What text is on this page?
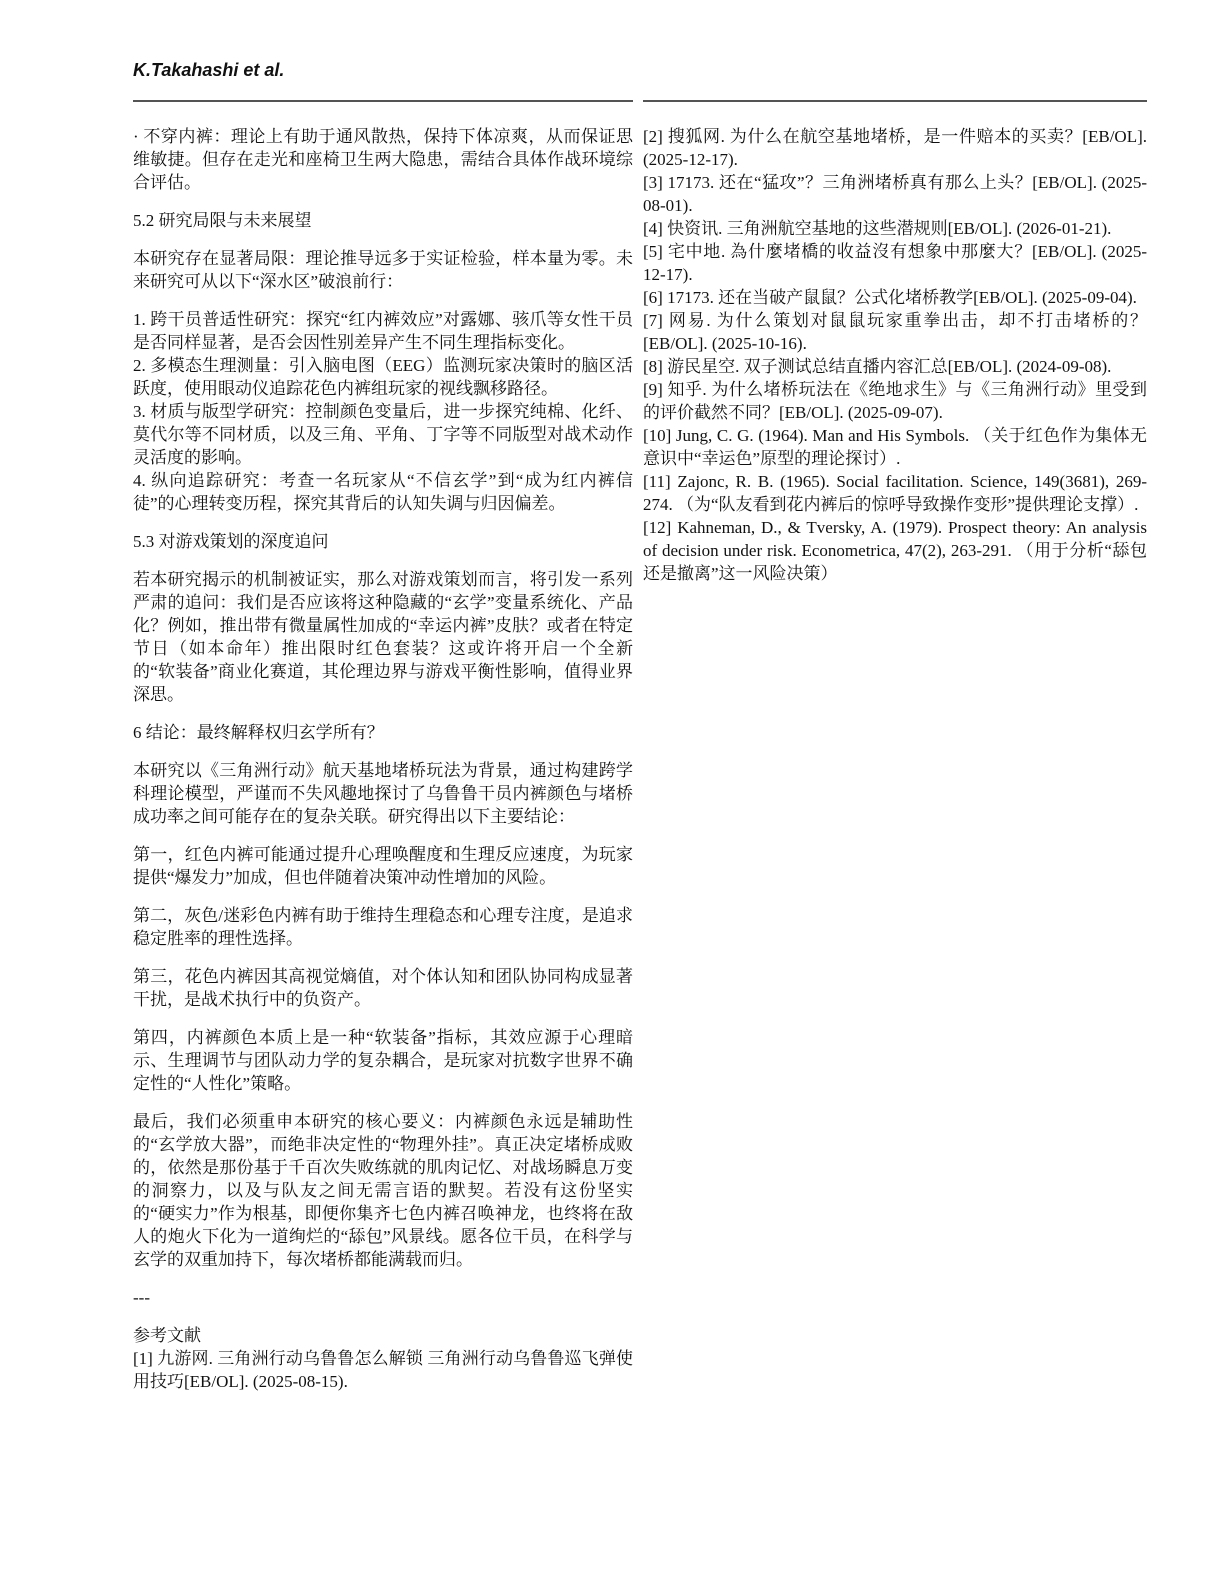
K.Takahashi et al.

· 不穿内裤：理论上有助于通风散热，保持下体凉爽，从而保证思维敏捷。但存在走光和座椅卫生两大隐患，需结合具体作战环境综合评估。

5.2 研究局限与未来展望

本研究存在显著局限：理论推导远多于实证检验，样本量为零。未来研究可从以下“深水区”破浪前行：

1. 跨干员普适性研究：探究“红内裤效应”对露娜、骇爪等女性干员是否同样显著，是否会因性别差异产生不同生理指标变化。
2. 多模态生理测量：引入脑电图（EEG）监测玩家决策时的脑区活跃度，使用眼动仪追踪花色内裤组玩家的视线飘移路径。
3. 材质与版型学研究：控制颜色变量后，进一步探究纯棉、化纤、莫代尔等不同材质，以及三角、平角、丁字等不同版型对战术动作灵活度的影响。
4. 纵向追踪研究：考查一名玩家从“不信玄学”到“成为红内裤信徒”的心理转变历程，探究其背后的认知失调与归因偏差。

5.3 对游戏策划的深度追问

若本研究揭示的机制被证实，那么对游戏策划而言，将引发一系列严肃的追问：我们是否应该将这种隐藏的“玄学”变量系统化、产品化？例如，推出带有微量属性加成的“幸运内裤”皮肤？或者在特定节日（如本命年）推出限时红色套装？这或许将开启一个全新的“软装备”商业化赛道，其伦理边界与游戏平衡性影响，值得业界深思。

6 结论：最终解释权归玄学所有？

本研究以《三角洲行动》航天基地堵桥玩法为背景，通过构建跨学科理论模型，严谨而不失风趣地探讨了乌鲁鲁干员内裤颜色与堵桥成功率之间可能存在的复杂关联。研究得出以下主要结论：

第一，红色内裤可能通过提升心理唤醒度和生理反应速度，为玩家提供“爆发力”加成，但也伴随着决策冲动性增加的风险。

第二，灰色/迷彩色内裤有助于维持生理稳态和心理专注度，是追求稳定胜率的理性选择。

第三，花色内裤因其高视觉熵值，对个体认知和团队协同构成显著干扰，是战术执行中的负资产。

第四，内裤颜色本质上是一种“软装备”指标，其效应源于心理暗示、生理调节与团队动力学的复杂耦合，是玩家对抗数字世界不确定性的“人性化”策略。

最后，我们必须重申本研究的核心要义：内裤颜色永远是辅助性的“玄学放大器”，而绝非决定性的“物理外挂”。真正决定堵桥成败的，依然是那份基于千百次失败练就的肌肉记忆、对战场瞬息万变的洞察力，以及与队友之间无需言语的默契。若没有这份坚实的“硬实力”作为根基，即便你集齐七色内裤召唤神龙，也终将在敌人的炮火下化为一道绚烂的“舔包”风景线。愿各位干员，在科学与玄学的双重加持下，每次堵桥都能满载而归。

---

参考文献

[1] 九游网. 三角洲行动乌鲁鲁怎么解锁 三角洲行动乌鲁鲁巡飞弹使用技巧[EB/OL]. (2025-08-15).

[2] 搜狐网. 为什么在航空基地堵桥，是一件赔本的买卖？[EB/OL]. (2025-12-17).
[3] 17173. 还在“猛攻”？三角洲堵桥真有那么上头？[EB/OL]. (2025-08-01).
[4] 快资讯. 三角洲航空基地的这些潜规则[EB/OL]. (2026-01-21).
[5] 宅中地. 為什麼堵橋的收益沒有想象中那麼大？[EB/OL]. (2025-12-17).
[6] 17173. 还在当破产鼠鼠？公式化堵桥教学[EB/OL]. (2025-09-04).
[7] 网易. 为什么策划对鼠鼠玩家重拳出击，却不打击堵桥的？[EB/OL]. (2025-10-16).
[8] 游民星空. 双子测试总结直播内容汇总[EB/OL]. (2024-09-08).
[9] 知乎. 为什么堵桥玩法在《绝地求生》与《三角洲行动》里受到的评价截然不同？[EB/OL]. (2025-09-07).
[10] Jung, C. G. (1964). Man and His Symbols. （关于红色作为集体无意识中“幸运色”原型的理论探讨）.
[11] Zajonc, R. B. (1965). Social facilitation. Science, 149(3681), 269-274. （为“队友看到花内裤后的惊呼导致操作变形”提供理论支撑）.
[12] Kahneman, D., & Tversky, A. (1979). Prospect theory: An analysis of decision under risk. Econometrica, 47(2), 263-291. （用于分析“舔包还是撤离”这一风险决策）
